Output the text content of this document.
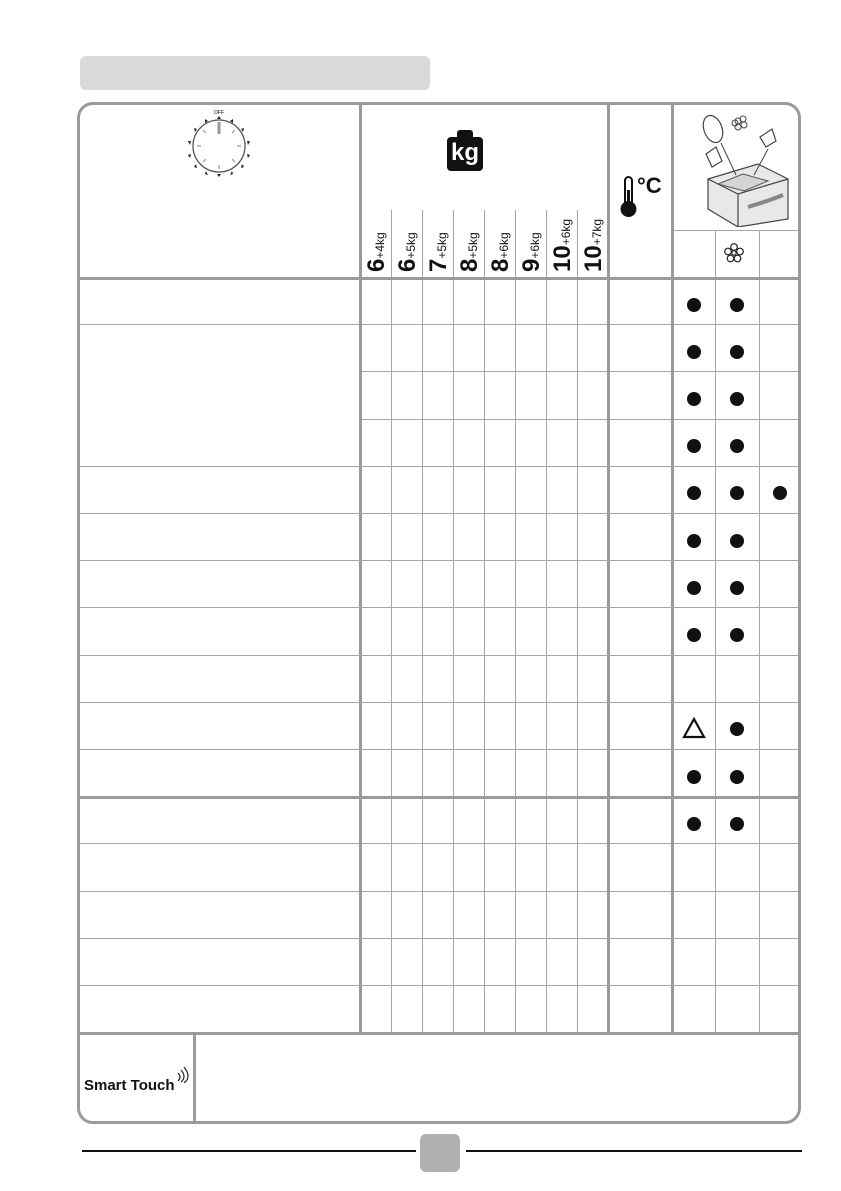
OFF
kg
6+4kg
6+5kg
7+5kg
8+5kg
8+6kg
9+6kg 10+6kg
10+7kg
°C
Smart Touch
